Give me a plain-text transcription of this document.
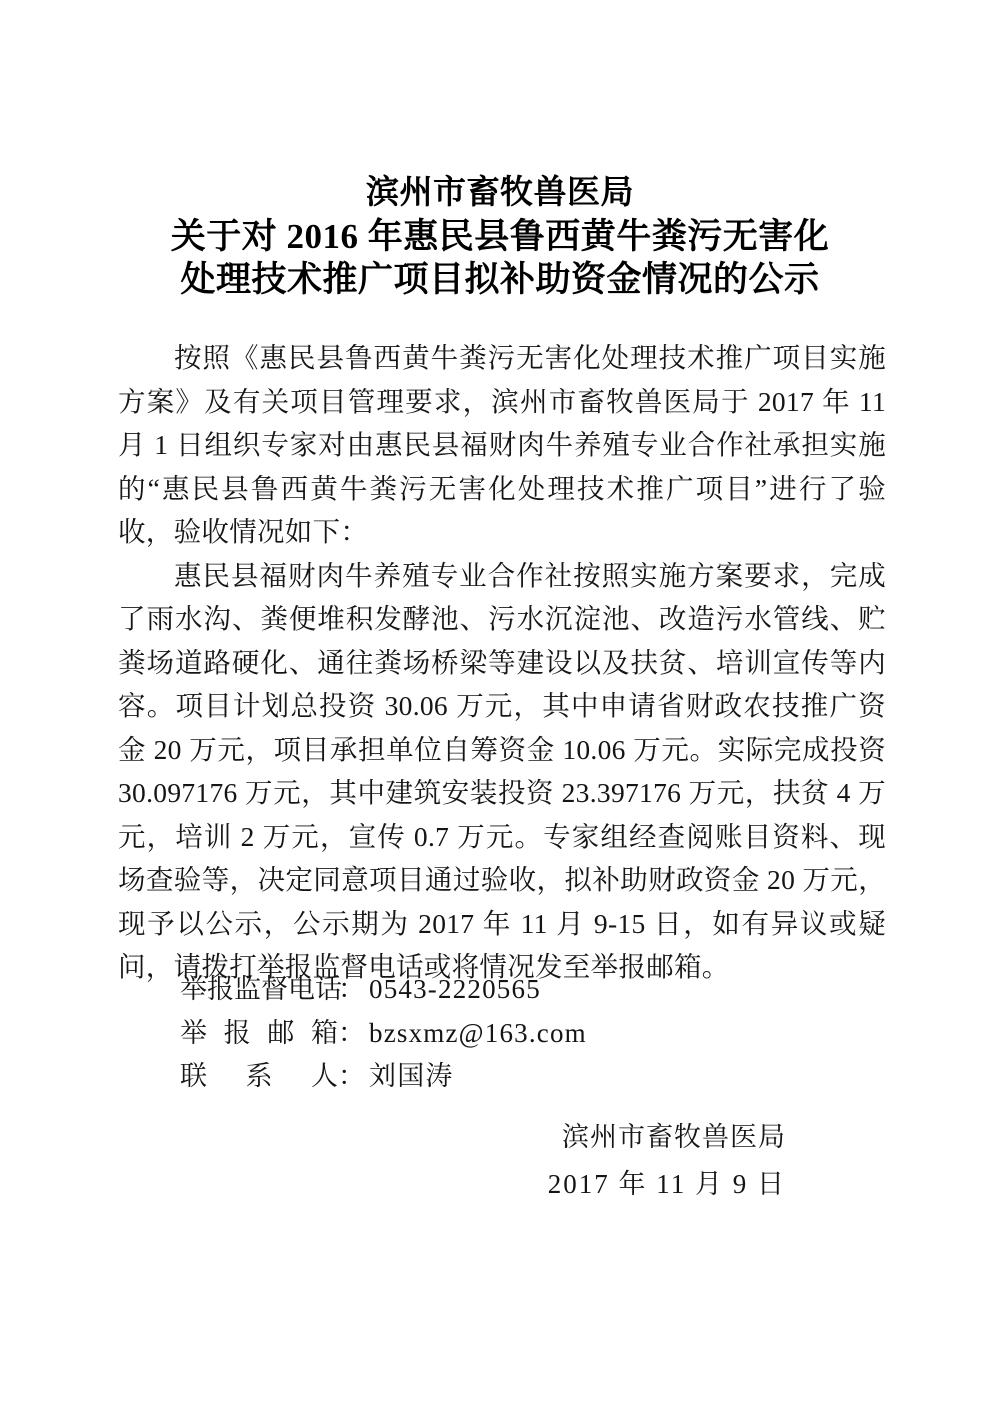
滨州市畜牧兽医局
关于对 2016 年惠民县鲁西黄牛粪污无害化
处理技术推广项目拟补助资金情况的公示

按照《惠民县鲁西黄牛粪污无害化处理技术推广项目实施方案》及有关项目管理要求，滨州市畜牧兽医局于 2017 年 11 月 1 日组织专家对由惠民县福财肉牛养殖专业合作社承担实施的“惠民县鲁西黄牛粪污无害化处理技术推广项目”进行了验收，验收情况如下：

惠民县福财肉牛养殖专业合作社按照实施方案要求，完成了雨水沟、粪便堆积发酵池、污水沉淀池、改造污水管线、贮粪场道路硬化、通往粪场桥梁等建设以及扶贫、培训宣传等内容。项目计划总投资 30.06 万元，其中申请省财政农技推广资金 20 万元，项目承担单位自筹资金 10.06 万元。实际完成投资 30.097176 万元，其中建筑安装投资 23.397176 万元，扶贫 4 万元，培训 2 万元，宣传 0.7 万元。专家组经查阅账目资料、现场查验等，决定同意项目通过验收，拟补助财政资金 20 万元，现予以公示，公示期为 2017 年 11 月 9-15 日，如有异议或疑问，请拨打举报监督电话或将情况发至举报邮箱。

举报监督电话： 0543-2220565
举报邮箱： bzsxmz@163.com
联系人： 刘国涛
滨州市畜牧兽医局
2017 年 11 月 9 日
